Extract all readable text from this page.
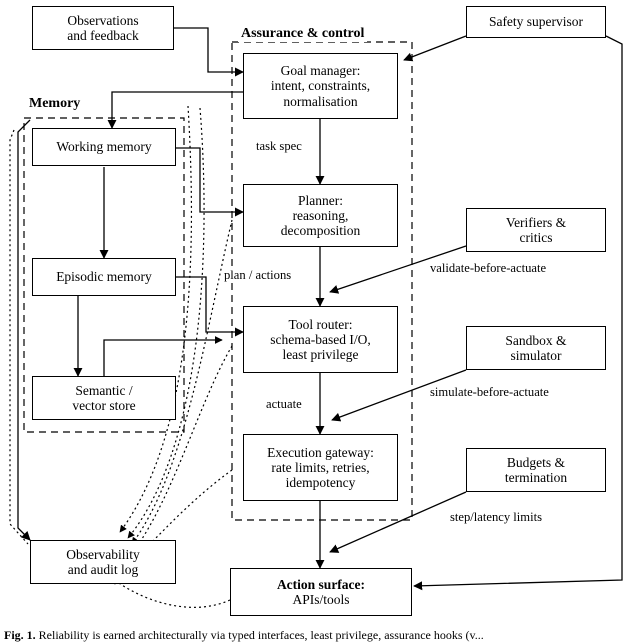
Assurance & control
Memory
Observations
and feedback
Safety supervisor
Goal manager:
intent, constraints,
normalisation
Working memory
Planner:
reasoning,
decomposition
Verifiers &
critics
Episodic memory
Tool router:
schema-based I/O,
least privilege
Sandbox &
simulator
Semantic /
vector store
Execution gateway:
rate limits, retries,
idempotency
Budgets &
termination
Observability
and audit log
Action surface:
APIs/tools
task spec
plan / actions	validate-before-actuate
actuate
simulate-before-actuate
step/latency limits
Fig. 1. Reliability is earned architecturally via typed interfaces, least privilege, assurance hooks (v...
